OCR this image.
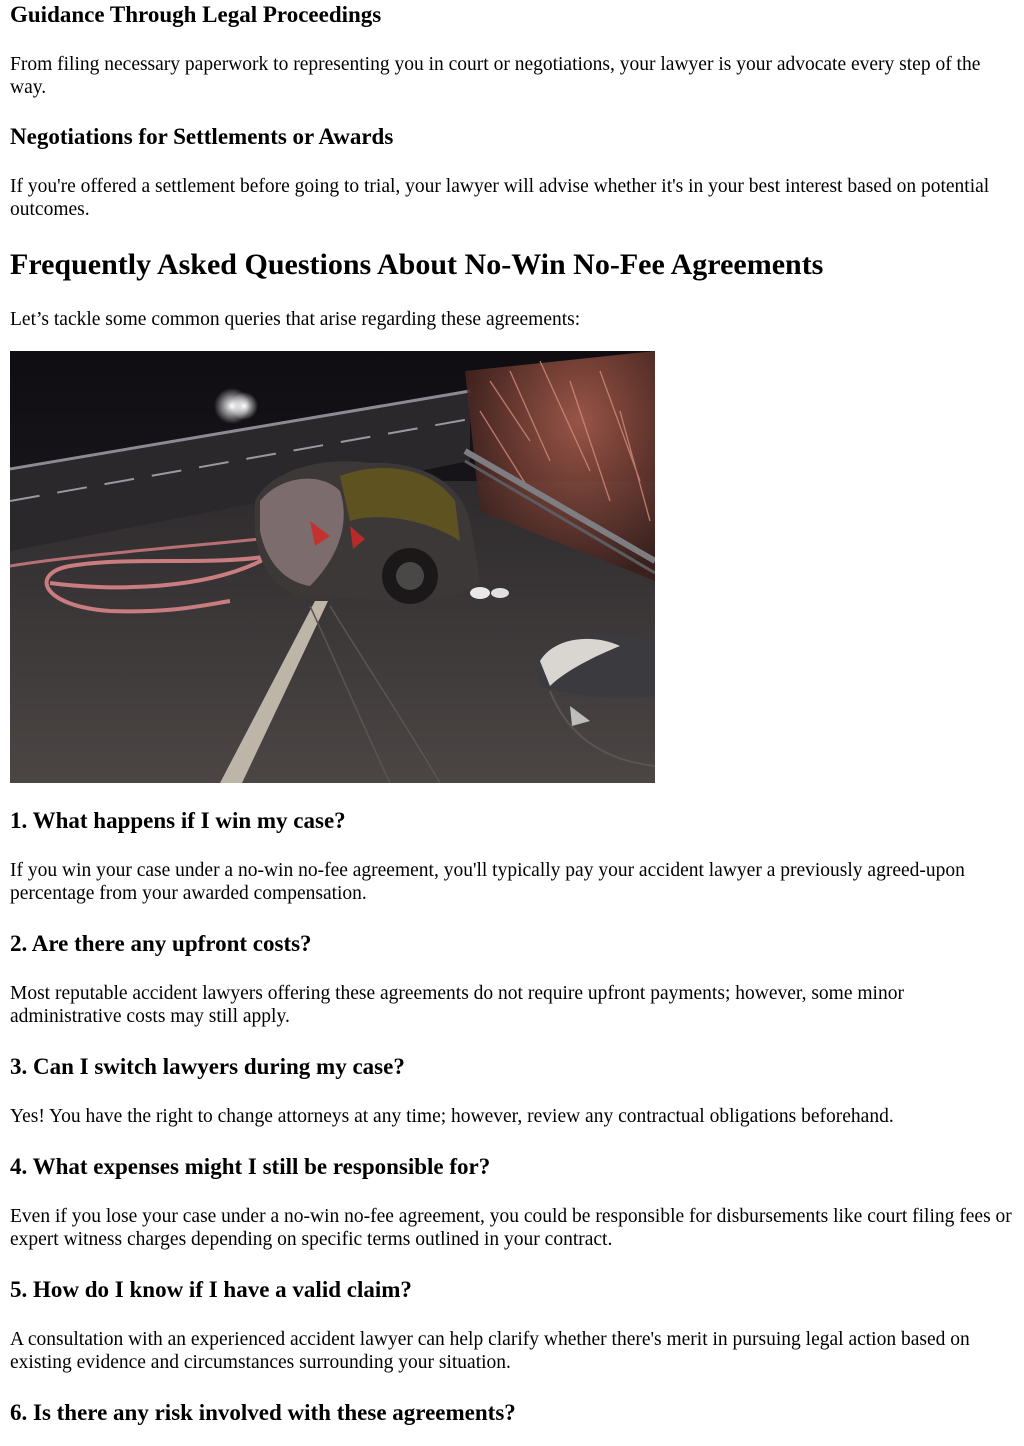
Guidance Through Legal Proceedings

From filing necessary paperwork to representing you in court or negotiations, your lawyer is your advocate every step of the way.

Negotiations for Settlements or Awards

If you're offered a settlement before going to trial, your lawyer will advise whether it's in your best interest based on potential outcomes.

Frequently Asked Questions About No-Win No-Fee Agreements

Let’s tackle some common queries that arise regarding these agreements:

1. What happens if I win my case?

If you win your case under a no-win no-fee agreement, you'll typically pay your accident lawyer a previously agreed-upon percentage from your awarded compensation.

2. Are there any upfront costs?

Most reputable accident lawyers offering these agreements do not require upfront payments; however, some minor administrative costs may still apply.

3. Can I switch lawyers during my case?

Yes! You have the right to change attorneys at any time; however, review any contractual obligations beforehand.

4. What expenses might I still be responsible for?

Even if you lose your case under a no-win no-fee agreement, you could be responsible for disbursements like court filing fees or expert witness charges depending on specific terms outlined in your contract.

5. How do I know if I have a valid claim?

A consultation with an experienced accident lawyer can help clarify whether there's merit in pursuing legal action based on existing evidence and circumstances surrounding your situation.

6. Is there any risk involved with these agreements?
